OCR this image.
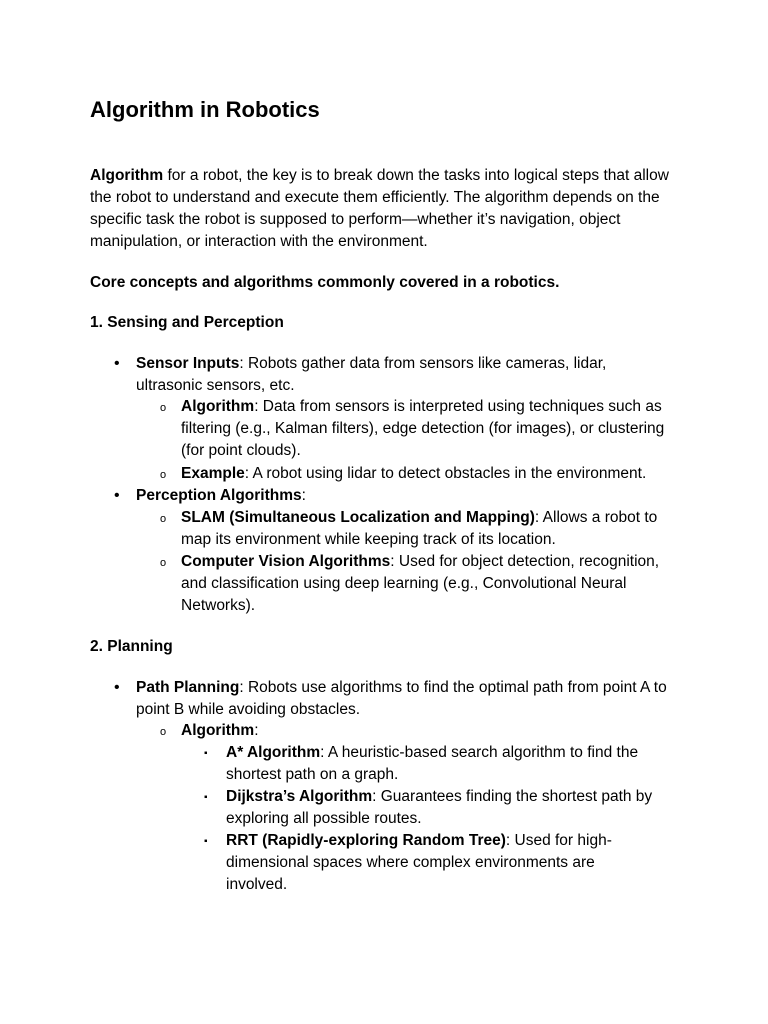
Algorithm in Robotics

Algorithm for a robot, the key is to break down the tasks into logical steps that allow the robot to understand and execute them efficiently. The algorithm depends on the specific task the robot is supposed to perform—whether it’s navigation, object manipulation, or interaction with the environment.

Core concepts and algorithms commonly covered in a robotics.

1. Sensing and Perception

• Sensor Inputs: Robots gather data from sensors like cameras, lidar, ultrasonic sensors, etc.
o Algorithm: Data from sensors is interpreted using techniques such as filtering (e.g., Kalman filters), edge detection (for images), or clustering (for point clouds).
o Example: A robot using lidar to detect obstacles in the environment.
• Perception Algorithms:
o SLAM (Simultaneous Localization and Mapping): Allows a robot to map its environment while keeping track of its location.
o Computer Vision Algorithms: Used for object detection, recognition, and classification using deep learning (e.g., Convolutional Neural Networks).

2. Planning

• Path Planning: Robots use algorithms to find the optimal path from point A to point B while avoiding obstacles.
o Algorithm:
▪ A* Algorithm: A heuristic-based search algorithm to find the shortest path on a graph.
▪ Dijkstra’s Algorithm: Guarantees finding the shortest path by exploring all possible routes.
▪ RRT (Rapidly-exploring Random Tree): Used for high-dimensional spaces where complex environments are involved.
